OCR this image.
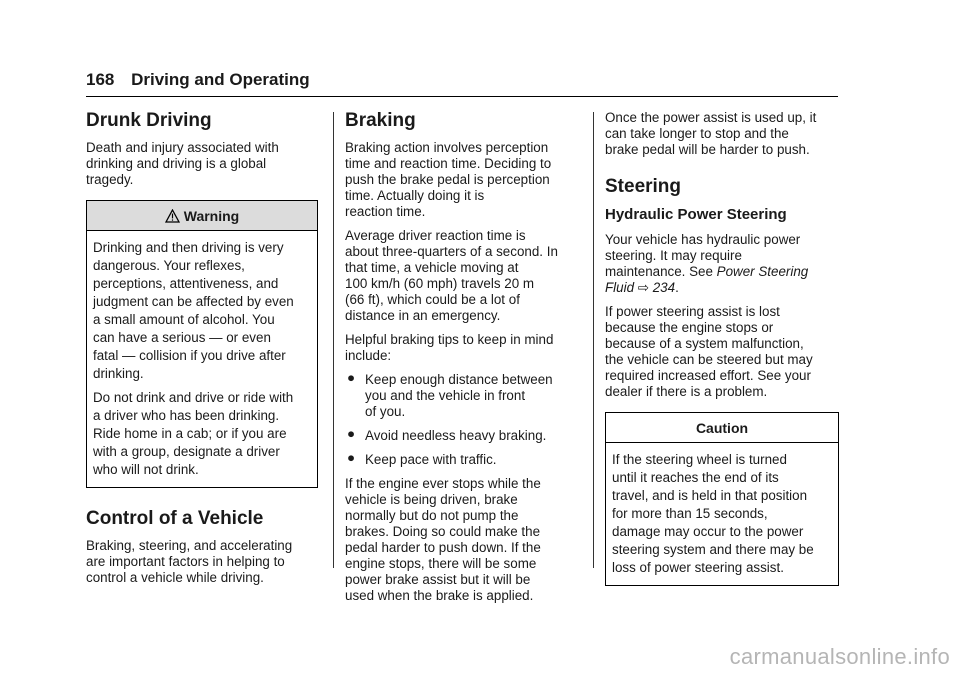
168 Driving and Operating
Drunk Driving

Death and injury associated with
drinking and driving is a global
tragedy.

Warning

Drinking and then driving is very
dangerous. Your reflexes,
perceptions, attentiveness, and
judgment can be affected by even
a small amount of alcohol. You
can have a serious — or even
fatal — collision if you drive after
drinking.

Do not drink and drive or ride with
a driver who has been drinking.
Ride home in a cab; or if you are
with a group, designate a driver
who will not drink.

Control of a Vehicle

Braking, steering, and accelerating
are important factors in helping to
control a vehicle while driving.

Braking

Braking action involves perception
time and reaction time. Deciding to
push the brake pedal is perception
time. Actually doing it is
reaction time.

Average driver reaction time is
about three-quarters of a second. In
that time, a vehicle moving at
100 km/h (60 mph) travels 20 m
(66 ft), which could be a lot of
distance in an emergency.

Helpful braking tips to keep in mind
include:

● Keep enough distance between
you and the vehicle in front
of you.
● Avoid needless heavy braking.
● Keep pace with traffic.

If the engine ever stops while the
vehicle is being driven, brake
normally but do not pump the
brakes. Doing so could make the
pedal harder to push down. If the
engine stops, there will be some
power brake assist but it will be
used when the brake is applied.

Once the power assist is used up, it
can take longer to stop and the
brake pedal will be harder to push.

Steering
Hydraulic Power Steering

Your vehicle has hydraulic power
steering. It may require
maintenance. See Power Steering
Fluid ⇨ 234.

If power steering assist is lost
because the engine stops or
because of a system malfunction,
the vehicle can be steered but may
required increased effort. See your
dealer if there is a problem.

Caution

If the steering wheel is turned
until it reaches the end of its
travel, and is held in that position
for more than 15 seconds,
damage may occur to the power
steering system and there may be
loss of power steering assist.

carmanualsonline.info
